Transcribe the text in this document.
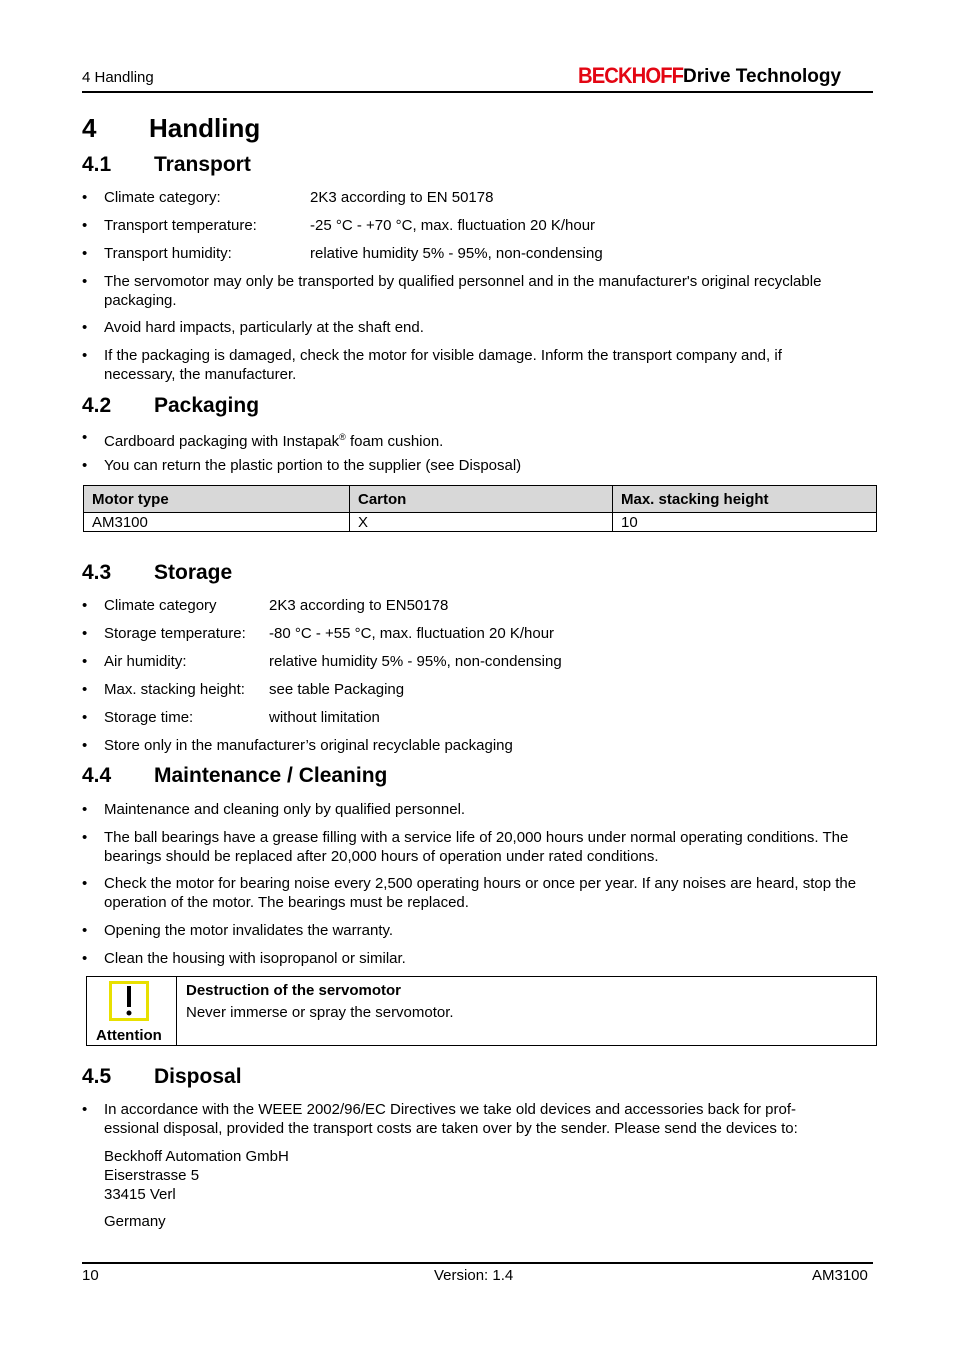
4 Handling	BECKHOFF Drive Technology
4 Handling
4.1 Transport
•	Climate category:	2K3 according to EN 50178
•	Transport temperature:	-25 °C - +70 °C, max. fluctuation 20 K/hour
•	Transport humidity:	relative humidity 5% - 95%, non-condensing
•	The servomotor may only be transported by qualified personnel and in the manufacturer's original recyclable packaging.
•	Avoid hard impacts, particularly at the shaft end.
•	If the packaging is damaged, check the motor for visible damage. Inform the transport company and, if necessary, the manufacturer.
4.2 Packaging
•	Cardboard packaging with Instapak® foam cushion.
•	You can return the plastic portion to the supplier (see Disposal)
Motor type	Carton	Max. stacking height
AM3100	X	10
4.3 Storage
•	Climate category	2K3 according to EN50178
•	Storage temperature: -80 °C - +55 °C, max. fluctuation 20 K/hour
•	Air humidity:	relative humidity 5% - 95%, non-condensing
•	Max. stacking height: see table Packaging
•	Storage time:	without limitation
•	Store only in the manufacturer’s original recyclable packaging
4.4 Maintenance / Cleaning
•	Maintenance and cleaning only by qualified personnel.
•	The ball bearings have a grease filling with a service life of 20,000 hours under normal operating conditions. The bearings should be replaced after 20,000 hours of operation under rated conditions.
•	Check the motor for bearing noise every 2,500 operating hours or once per year. If any noises are heard, stop the operation of the motor. The bearings must be replaced.
•	Opening the motor invalidates the warranty.
•	Clean the housing with isopropanol or similar.
Attention
Destruction of the servomotor
Never immerse or spray the servomotor.
4.5 Disposal
•	In accordance with the WEEE 2002/96/EC Directives we take old devices and accessories back for prof-
essional disposal, provided the transport costs are taken over by the sender. Please send the devices to:
Beckhoff Automation GmbH
Eiserstrasse 5
33415 Verl
Germany
10	Version: 1.4	AM3100
